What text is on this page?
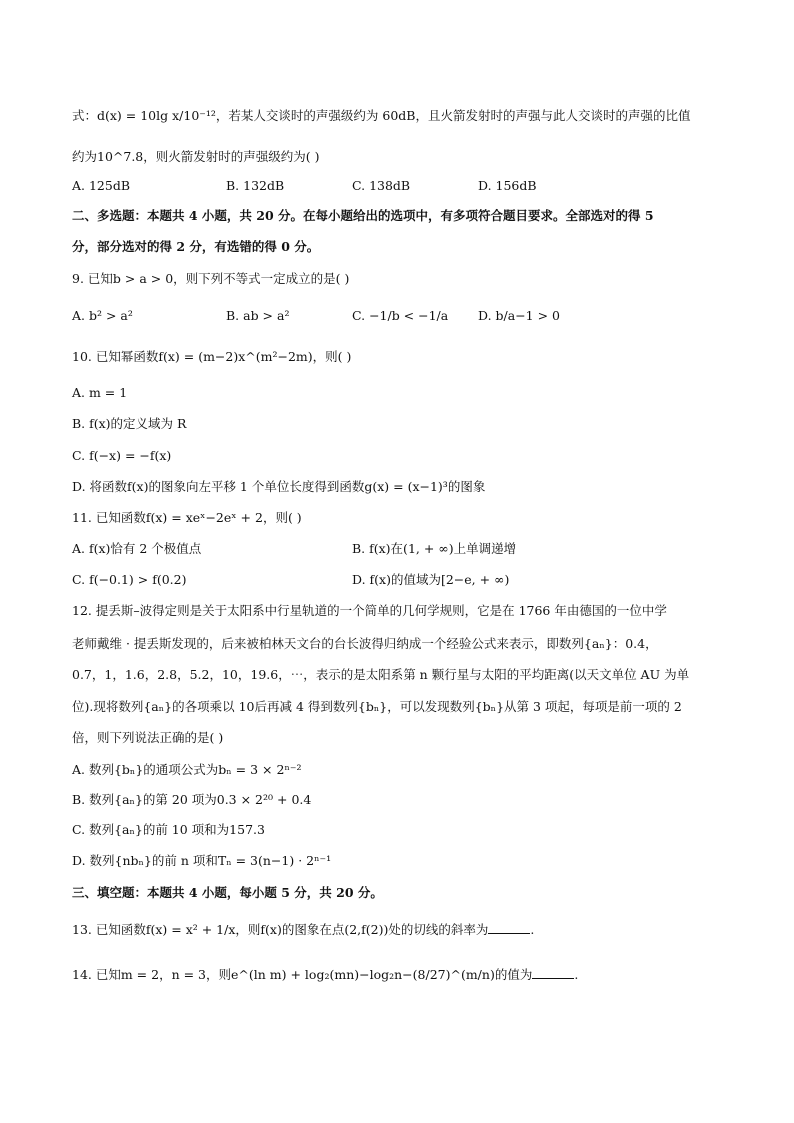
式：d(x) = 10lg x/10⁻¹²，若某人交谈时的声强级约为 60dB，且火箭发射时的声强与此人交谈时的声强的比值
约为10^7.8，则火箭发射时的声强级约为( )
A. 125dB	B. 132dB	C. 138dB	D. 156dB
二、多选题：本题共 4 小题，共 20 分。在每小题给出的选项中，有多项符合题目要求。全部选对的得 5
分，部分选对的得 2 分，有选错的得 0 分。
9. 已知b > a > 0，则下列不等式一定成立的是( )
A. b² > a²	B. ab > a²	C. −1/b < −1/a D. b/a−1 > 0
10. 已知幂函数f(x) = (m−2)x^(m²−2m)，则( )
A. m = 1
B. f(x)的定义域为 R
C. f(−x) = −f(x)
D. 将函数f(x)的图象向左平移 1 个单位长度得到函数g(x) = (x−1)³的图象
11. 已知函数f(x) = xeˣ−2eˣ + 2，则( )
A. f(x)恰有 2 个极值点	B. f(x)在(1, + ∞)上单调递增
C. f(−0.1) > f(0.2)	D. f(x)的值域为[2−e, + ∞)
12. 提丢斯–波得定则是关于太阳系中行星轨道的一个简单的几何学规则，它是在 1766 年由德国的一位中学
老师戴维 · 提丢斯发现的，后来被柏林天文台的台长波得归纳成一个经验公式来表示，即数列{aₙ}：0.4，
0.7，1，1.6，2.8，5.2，10，19.6，⋯，表示的是太阳系第 n 颗行星与太阳的平均距离(以天文单位 AU 为单
位).现将数列{aₙ}的各项乘以 10后再减 4 得到数列{bₙ}，可以发现数列{bₙ}从第 3 项起，每项是前一项的 2
倍，则下列说法正确的是( )
A. 数列{bₙ}的通项公式为bₙ = 3 × 2ⁿ⁻²
B. 数列{aₙ}的第 20 项为0.3 × 2²⁰ + 0.4
C. 数列{aₙ}的前 10 项和为157.3
D. 数列{nbₙ}的前 n 项和Tₙ = 3(n−1) · 2ⁿ⁻¹
三、填空题：本题共 4 小题，每小题 5 分，共 20 分。
13. 已知函数f(x) = x² + 1/x，则f(x)的图象在点(2,f(2))处的切线的斜率为	.
14. 已知m = 2，n = 3，则e^(ln m) + log₂(mn)−log₂n−(8/27)^(m/n)的值为	.
